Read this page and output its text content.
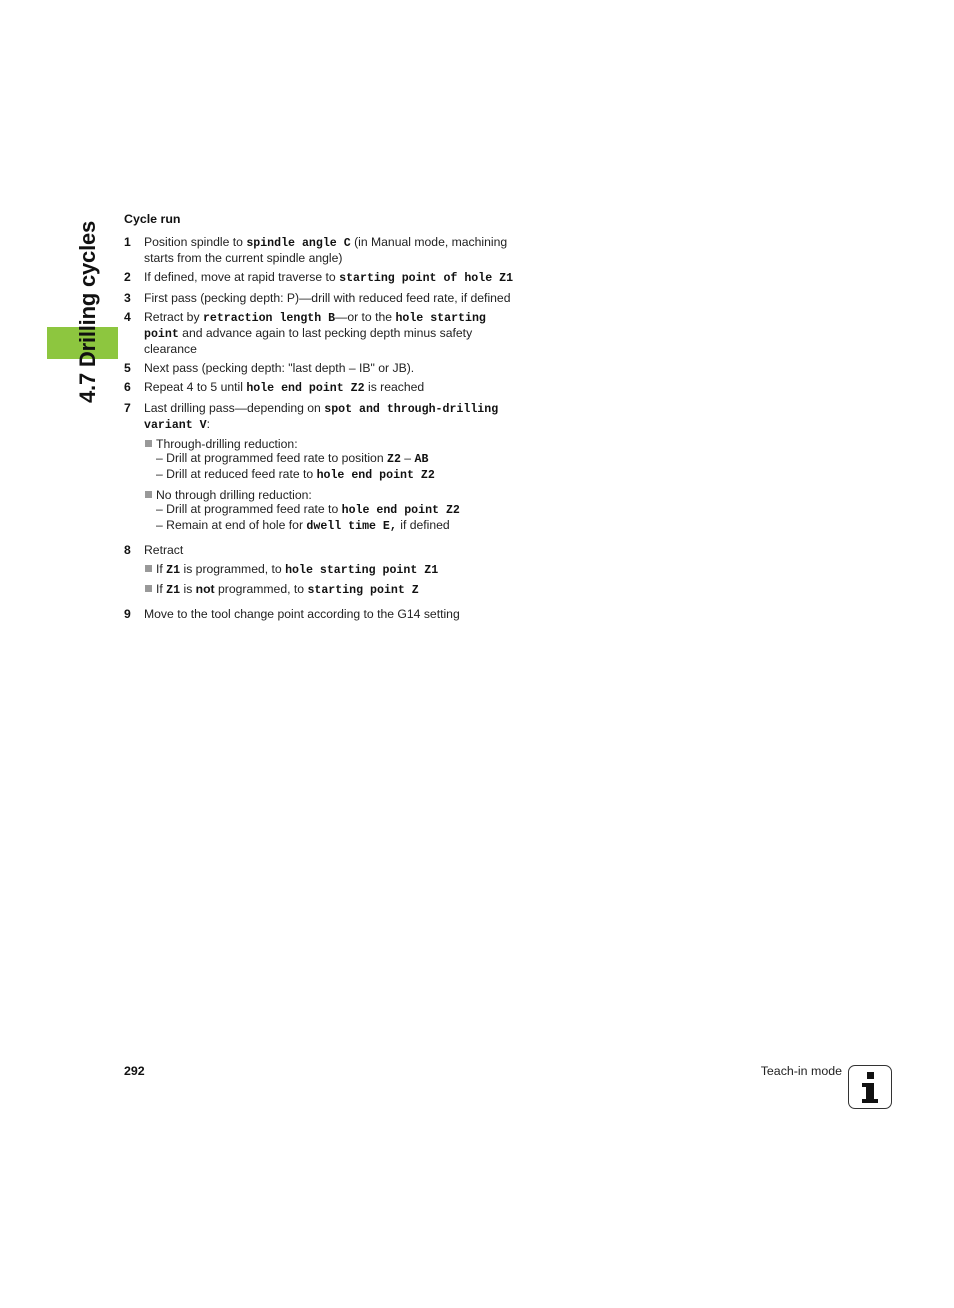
4.7 Drilling cycles
Cycle run
1 Position spindle to spindle angle C (in Manual mode, machining starts from the current spindle angle)
2 If defined, move at rapid traverse to starting point of hole Z1
3 First pass (pecking depth: P)—drill with reduced feed rate, if defined
4 Retract by retraction length B—or to the hole starting point and advance again to last pecking depth minus safety clearance
5 Next pass (pecking depth: "last depth – IB" or JB).
6 Repeat 4 to 5 until hole end point Z2 is reached
7 Last drilling pass—depending on spot and through-drilling variant V:
Through-drilling reduction:
– Drill at programmed feed rate to position Z2 – AB
– Drill at reduced feed rate to hole end point Z2
No through drilling reduction:
– Drill at programmed feed rate to hole end point Z2
– Remain at end of hole for dwell time E, if defined
8 Retract
If Z1 is programmed, to hole starting point Z1
If Z1 is not programmed, to starting point Z
9 Move to the tool change point according to the G14 setting
292	Teach-in mode
